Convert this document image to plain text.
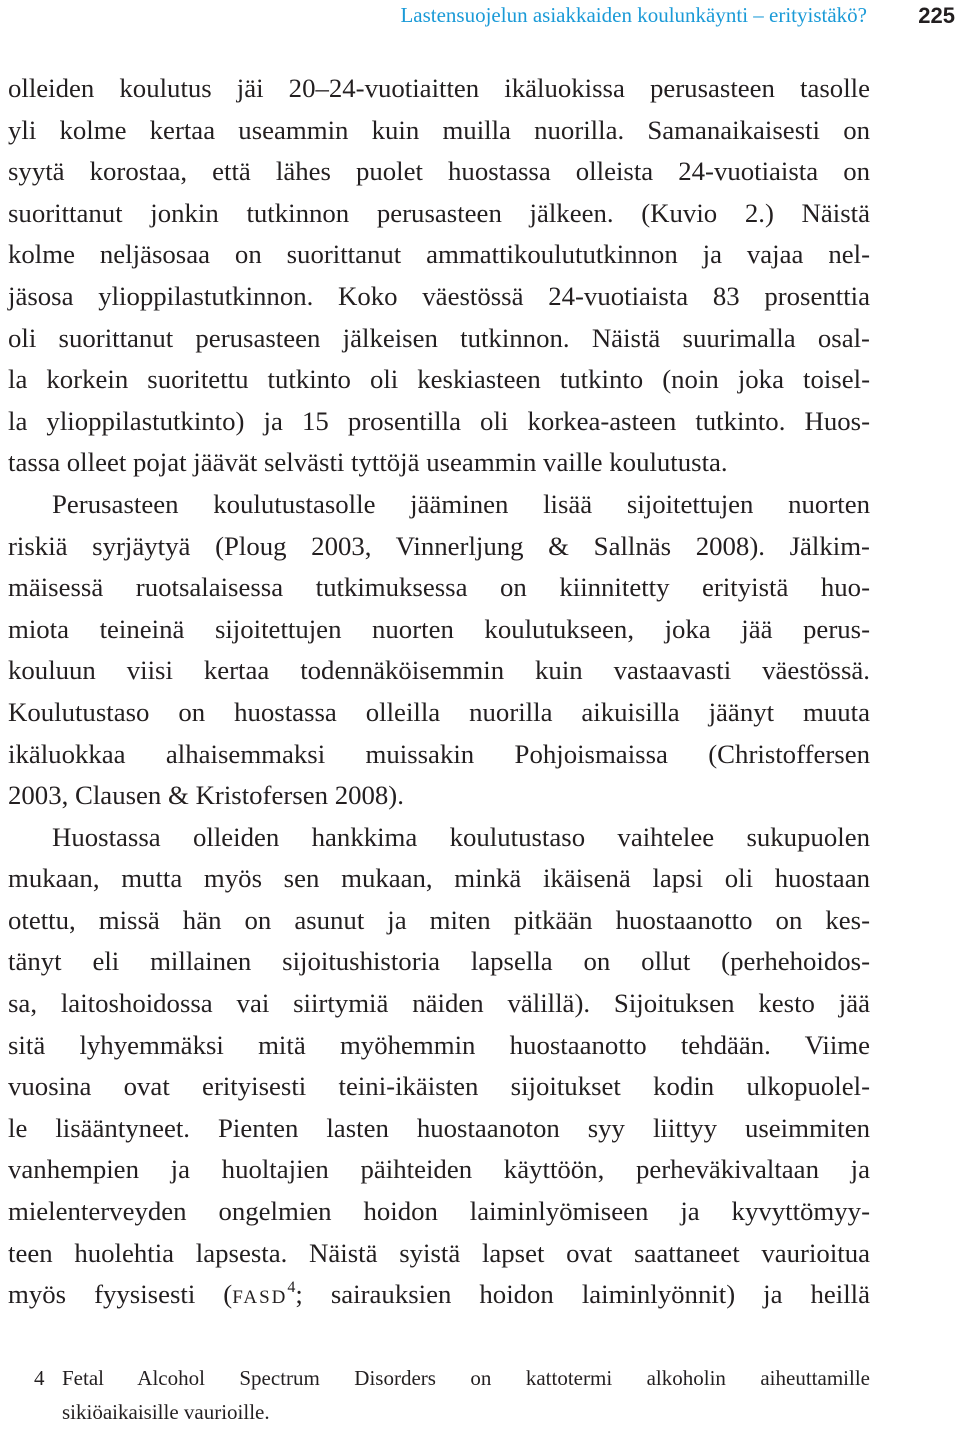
Lastensuojelun asiakkaiden koulunkäynti – erityistäkö? 225
olleiden koulutus jäi 20–24-vuotiaitten ikäluokissa perusasteen tasolle
yli kolme kertaa useammin kuin muilla nuorilla. Samanaikaisesti on
syytä korostaa, että lähes puolet huostassa olleista 24-vuotiaista on
suorittanut jonkin tutkinnon perusasteen jälkeen. (Kuvio 2.) Näistä
kolme neljäsosaa on suorittanut ammattikoulututkinnon ja vajaa nel-
jäsosa ylioppilastutkinnon. Koko väestössä 24-vuotiaista 83 prosenttia
oli suorittanut perusasteen jälkeisen tutkinnon. Näistä suurimalla osal-
la korkein suoritettu tutkinto oli keskiasteen tutkinto (noin joka toisel-
la ylioppilastutkinto) ja 15 prosentilla oli korkea-asteen tutkinto. Huos-
tassa olleet pojat jäävät selvästi tyttöjä useammin vaille koulutusta.
Perusasteen koulutustasolle jääminen lisää sijoitettujen nuorten
riskiä syrjäytyä (Ploug 2003, Vinnerljung & Sallnäs 2008). Jälkim-
mäisessä ruotsalaisessa tutkimuksessa on kiinnitetty erityistä huo-
miota teineinä sijoitettujen nuorten koulutukseen, joka jää perus-
kouluun viisi kertaa todennäköisemmin kuin vastaavasti väestössä.
Koulutustaso on huostassa olleilla nuorilla aikuisilla jäänyt muuta
ikäluokkaa alhaisemmaksi muissakin Pohjoismaissa (Christoffersen
2003, Clausen & Kristofersen 2008).
Huostassa olleiden hankkima koulutustaso vaihtelee sukupuolen
mukaan, mutta myös sen mukaan, minkä ikäisenä lapsi oli huostaan
otettu, missä hän on asunut ja miten pitkään huostaanotto on kes-
tänyt eli millainen sijoitushistoria lapsella on ollut (perhehoidos-
sa, laitoshoidossa vai siirtymiä näiden välillä). Sijoituksen kesto jää
sitä lyhyemmäksi mitä myöhemmin huostaanotto tehdään. Viime
vuosina ovat erityisesti teini-ikäisten sijoitukset kodin ulkopuolel-
le lisääntyneet. Pienten lasten huostaanoton syy liittyy useimmiten
vanhempien ja huoltajien päihteiden käyttöön, perheväkivaltaan ja
mielenterveyden ongelmien hoidon laiminlyömiseen ja kyvyttömyy-
teen huolehtia lapsesta. Näistä syistä lapset ovat saattaneet vaurioitua
myös fyysisesti (fasd$^4$; sairauksien hoidon laiminlyönnit) ja heillä
4 Fetal Alcohol Spectrum Disorders on kattotermi alkoholin aiheuttamille
sikiöaikaisille vaurioille.
